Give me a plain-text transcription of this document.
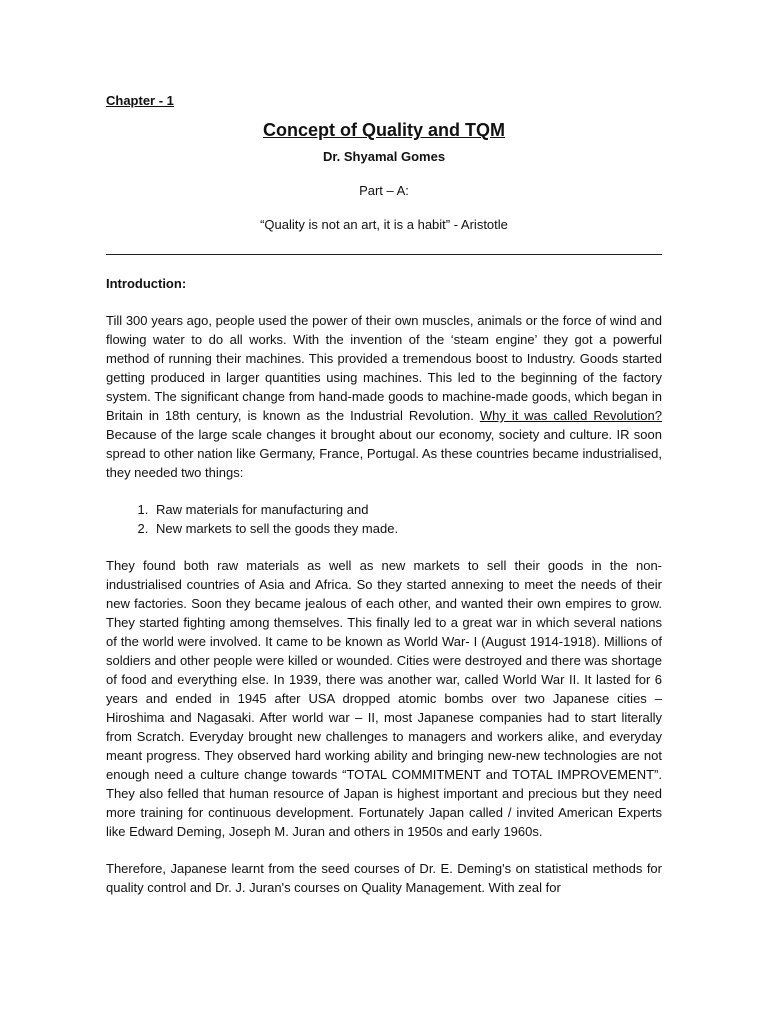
Chapter - 1

Concept of Quality and TQM

Dr. Shyamal Gomes

Part – A:

“Quality is not an art, it is a habit” - Aristotle

Introduction:

Till 300 years ago, people used the power of their own muscles, animals or the force of wind and flowing water to do all works. With the invention of the ‘steam engine’ they got a powerful method of running their machines. This provided a tremendous boost to Industry. Goods started getting produced in larger quantities using machines. This led to the beginning of the factory system. The significant change from hand-made goods to machine-made goods, which began in Britain in 18th century, is known as the Industrial Revolution. Why it was called Revolution? Because of the large scale changes it brought about our economy, society and culture. IR soon spread to other nation like Germany, France, Portugal. As these countries became industrialised, they needed two things:

1. Raw materials for manufacturing and
2. New markets to sell the goods they made.

They found both raw materials as well as new markets to sell their goods in the non-industrialised countries of Asia and Africa. So they started annexing to meet the needs of their new factories. Soon they became jealous of each other, and wanted their own empires to grow. They started fighting among themselves. This finally led to a great war in which several nations of the world were involved. It came to be known as World War- I (August 1914-1918). Millions of soldiers and other people were killed or wounded. Cities were destroyed and there was shortage of food and everything else. In 1939, there was another war, called World War II. It lasted for 6 years and ended in 1945 after USA dropped atomic bombs over two Japanese cities – Hiroshima and Nagasaki. After world war – II, most Japanese companies had to start literally from Scratch. Everyday brought new challenges to managers and workers alike, and everyday meant progress. They observed hard working ability and bringing new-new technologies are not enough need a culture change towards “TOTAL COMMITMENT and TOTAL IMPROVEMENT”. They also felled that human resource of Japan is highest important and precious but they need more training for continuous development. Fortunately Japan called / invited American Experts like Edward Deming, Joseph M. Juran and others in 1950s and early 1960s.

Therefore, Japanese learnt from the seed courses of Dr. E. Deming's on statistical methods for quality control and Dr. J. Juran's courses on Quality Management. With zeal for
